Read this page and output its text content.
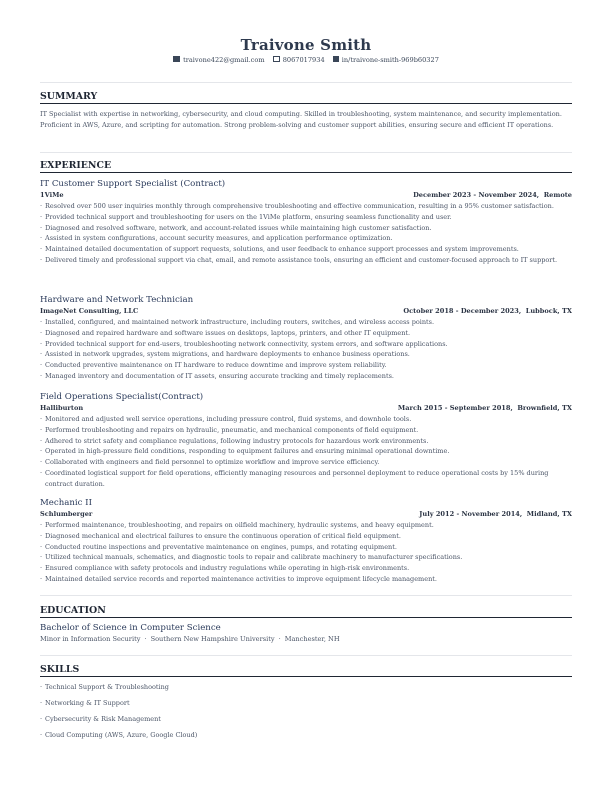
Traivone Smith
traivone422@gmail.com	8067017934	in/traivone-smith-969b60327
SUMMARY
IT Specialist with expertise in networking, cybersecurity, and cloud computing. Skilled in troubleshooting, system maintenance, and security implementation. Proficient in AWS, Azure, and scripting for automation. Strong problem-solving and customer support abilities, ensuring secure and efficient IT operations.
EXPERIENCE
IT Customer Support Specialist (Contract)
1ViMe	December 2023 - November 2024, Remote
· Resolved over 500 user inquiries monthly through comprehensive troubleshooting and effective communication, resulting in a 95% customer satisfaction.
· Provided technical support and troubleshooting for users on the 1ViMe platform, ensuring seamless functionality and user.
· Diagnosed and resolved software, network, and account-related issues while maintaining high customer satisfaction.
· Assisted in system configurations, account security measures, and application performance optimization.
· Maintained detailed documentation of support requests, solutions, and user feedback to enhance support processes and system improvements.
· Delivered timely and professional support via chat, email, and remote assistance tools, ensuring an efficient and customer-focused approach to IT support.
Hardware and Network Technician
ImageNet Consulting, LLC	October 2018 - December 2023, Lubbock, TX
· Installed, configured, and maintained network infrastructure, including routers, switches, and wireless access points.
· Diagnosed and repaired hardware and software issues on desktops, laptops, printers, and other IT equipment.
· Provided technical support for end-users, troubleshooting network connectivity, system errors, and software applications.
· Assisted in network upgrades, system migrations, and hardware deployments to enhance business operations.
· Conducted preventive maintenance on IT hardware to reduce downtime and improve system reliability.
· Managed inventory and documentation of IT assets, ensuring accurate tracking and timely replacements.
Field Operations Specialist(Contract)
Halliburton	March 2015 - September 2018, Brownfield, TX
· Monitored and adjusted well service operations, including pressure control, fluid systems, and downhole tools.
· Performed troubleshooting and repairs on hydraulic, pneumatic, and mechanical components of field equipment.
· Adhered to strict safety and compliance regulations, following industry protocols for hazardous work environments.
· Operated in high-pressure field conditions, responding to equipment failures and ensuring minimal operational downtime.
· Collaborated with engineers and field personnel to optimize workflow and improve service efficiency.
· Coordinated logistical support for field operations, efficiently managing resources and personnel deployment to reduce operational costs by 15% during contract duration.
Mechanic II
Schlumberger	July 2012 - November 2014, Midland, TX
· Performed maintenance, troubleshooting, and repairs on oilfield machinery, hydraulic systems, and heavy equipment.
· Diagnosed mechanical and electrical failures to ensure the continuous operation of critical field equipment.
· Conducted routine inspections and preventative maintenance on engines, pumps, and rotating equipment.
· Utilized technical manuals, schematics, and diagnostic tools to repair and calibrate machinery to manufacturer specifications.
· Ensured compliance with safety protocols and industry regulations while operating in high-risk environments.
· Maintained detailed service records and reported maintenance activities to improve equipment lifecycle management.
EDUCATION
Bachelor of Science in Computer Science
Minor in Information Security · Southern New Hampshire University · Manchester, NH
SKILLS
· Technical Support & Troubleshooting
· Networking & IT Support
· Cybersecurity & Risk Management
· Cloud Computing (AWS, Azure, Google Cloud)
